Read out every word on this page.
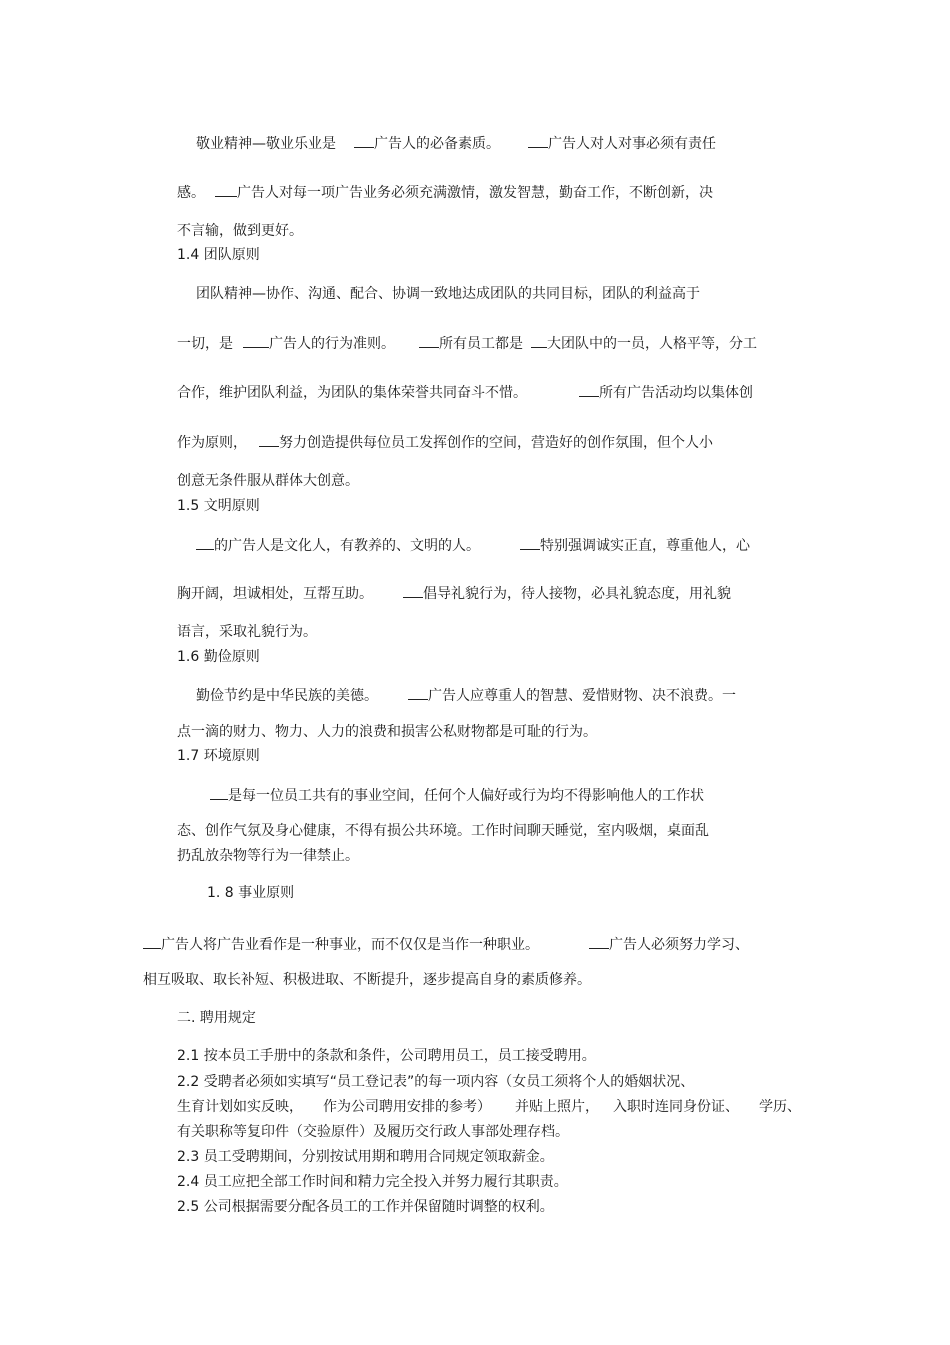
敬业精神—敬业乐业是	广告人的必备素质。	广告人对人对事必须有责任
感。 广告人对每一项广告业务必须充满激情，激发智慧，勤奋工作，不断创新，决
不言输，做到更好。
1.4 团队原则
团队精神—协作、沟通、配合、协调一致地达成团队的共同目标，团队的利益高于
一切，是	广告人的行为准则。	所有员工都是 大团队中的一员，人格平等，分工
合作，维护团队利益，为团队的集体荣誉共同奋斗不惜。	所有广告活动均以集体创
作为原则， 努力创造提供每位员工发挥创作的空间，营造好的创作氛围，但个人小
创意无条件服从群体大创意。
1.5 文明原则
的广告人是文化人，有教养的、文明的人。	特别强调诚实正直，尊重他人，心
胸开阔，坦诚相处，互帮互助。	倡导礼貌行为，待人接物，必具礼貌态度，用礼貌
语言，采取礼貌行为。
1.6 勤俭原则
勤俭节约是中华民族的美德。	广告人应尊重人的智慧、爱惜财物、决不浪费。一
点一滴的财力、物力、人力的浪费和损害公私财物都是可耻的行为。
1.7 环境原则
是每一位员工共有的事业空间，任何个人偏好或行为均不得影响他人的工作状
态、创作气氛及身心健康，不得有损公共环境。工作时间聊天睡觉，室内吸烟，桌面乱
扔乱放杂物等行为一律禁止。
1. 8 事业原则
广告人将广告业看作是一种事业，而不仅仅是当作一种职业。	广告人必须努力学习、
相互吸取、取长补短、积极进取、不断提升，逐步提高自身的素质修养。
二. 聘用规定
2.1 按本员工手册中的条款和条件，公司聘用员工，员工接受聘用。
2.2 受聘者必须如实填写“员工登记表”的每一项内容（女员工须将个人的婚姻状况、
生育计划如实反映， 作为公司聘用安排的参考） 并贴上照片， 入职时连同身份证、 学历、
有关职称等复印件（交验原件）及履历交行政人事部处理存档。
2.3 员工受聘期间，分别按试用期和聘用合同规定领取薪金。
2.4 员工应把全部工作时间和精力完全投入并努力履行其职责。
2.5 公司根据需要分配各员工的工作并保留随时调整的权利。
